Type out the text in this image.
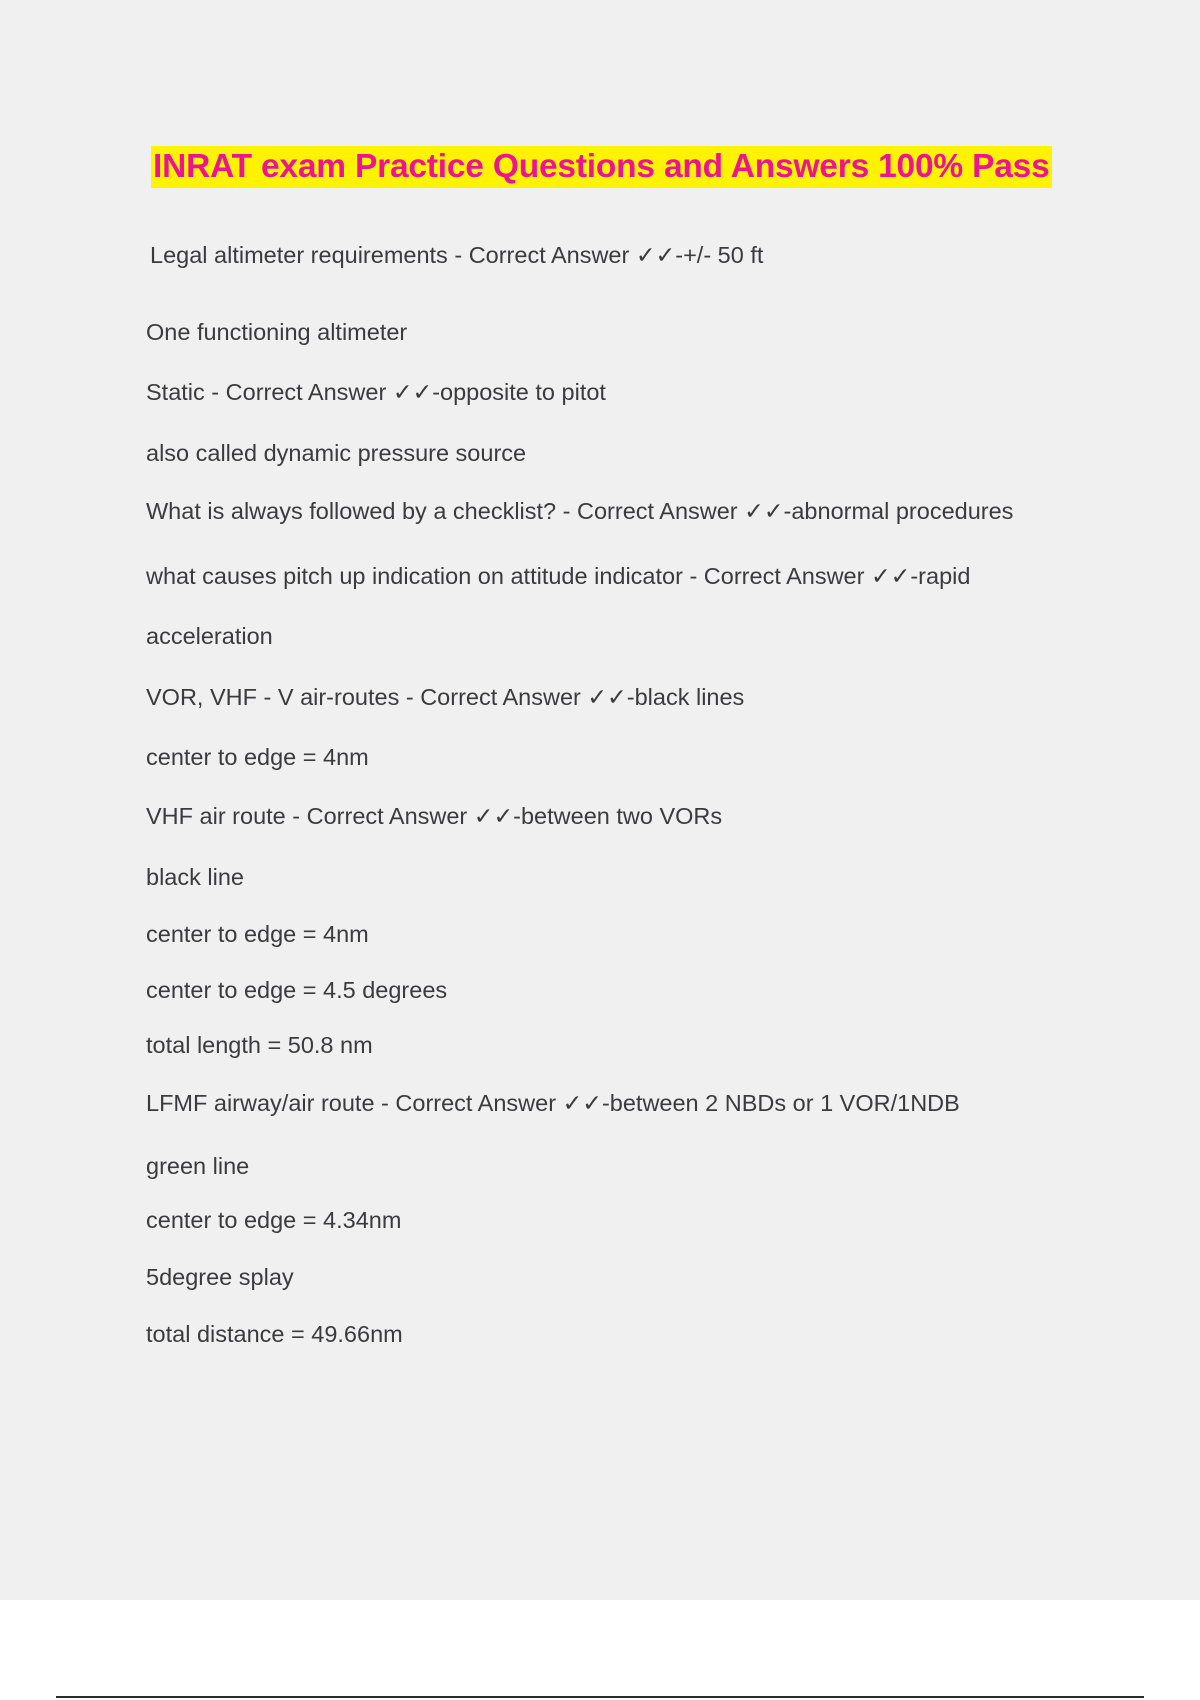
INRAT exam Practice Questions and Answers 100% Pass

Legal altimeter requirements - Correct Answer ✓✓-+/- 50 ft

One functioning altimeter

Static - Correct Answer ✓✓-opposite to pitot

also called dynamic pressure source

What is always followed by a checklist? - Correct Answer ✓✓-abnormal procedures

what causes pitch up indication on attitude indicator - Correct Answer ✓✓-rapid

acceleration

VOR, VHF - V air-routes - Correct Answer ✓✓-black lines

center to edge = 4nm

VHF air route - Correct Answer ✓✓-between two VORs

black line

center to edge = 4nm

center to edge = 4.5 degrees

total length = 50.8 nm

LFMF airway/air route - Correct Answer ✓✓-between 2 NBDs or 1 VOR/1NDB

green line

center to edge = 4.34nm

5degree splay

total distance = 49.66nm
